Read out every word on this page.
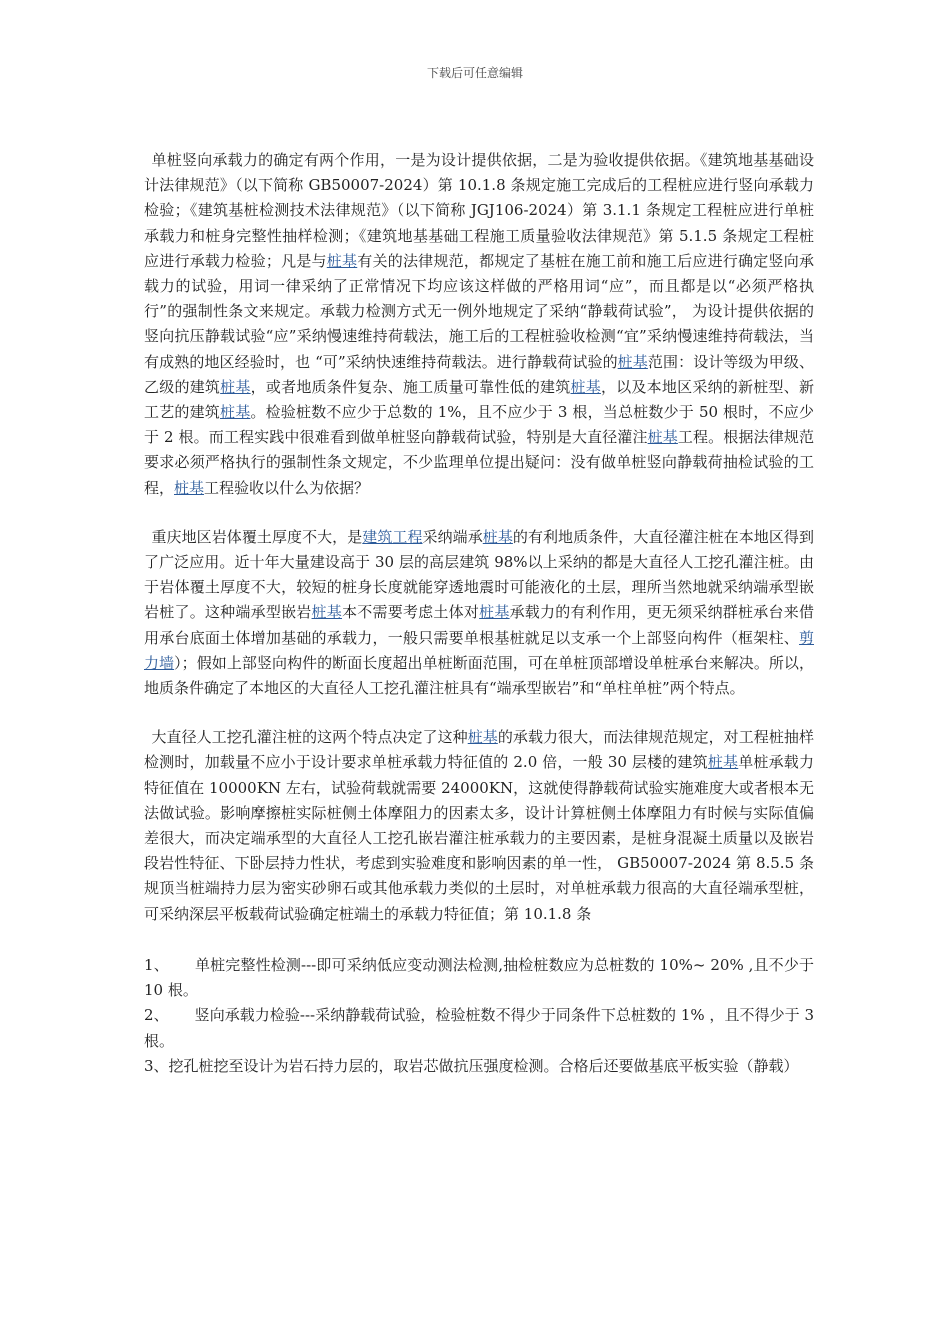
下载后可任意编辑

单桩竖向承载力的确定有两个作用，一是为设计提供依据，二是为验收提供依据。《建筑地基基础设计法律规范》（以下简称 GB50007-2024）第 10.1.8 条规定施工完成后的工程桩应进行竖向承载力检验；《建筑基桩检测技术法律规范》（以下简称 JGJ106-2024）第 3.1.1 条规定工程桩应进行单桩承载力和桩身完整性抽样检测；《建筑地基基础工程施工质量验收法律规范》第 5.1.5 条规定工程桩应进行承载力检验；凡是与桩基有关的法律规范，都规定了基桩在施工前和施工后应进行确定竖向承载力的试验，用词一律采纳了正常情况下均应该这样做的严格用词“应”，而且都是以“必须严格执行”的强制性条文来规定。承载力检测方式无一例外地规定了采纳“静载荷试验”， 为设计提供依据的竖向抗压静载试验“应”采纳慢速维持荷载法，施工后的工程桩验收检测“宜”采纳慢速维持荷载法，当有成熟的地区经验时，也 “可”采纳快速维持荷载法。进行静载荷试验的桩基范围：设计等级为甲级、乙级的建筑桩基，或者地质条件复杂、施工质量可靠性低的建筑桩基，以及本地区采纳的新桩型、新工艺的建筑桩基。检验桩数不应少于总数的 1%，且不应少于 3 根，当总桩数少于 50 根时，不应少于 2 根。而工程实践中很难看到做单桩竖向静载荷试验，特别是大直径灌注桩基工程。根据法律规范要求必须严格执行的强制性条文规定，不少监理单位提出疑问：没有做单桩竖向静载荷抽检试验的工程，桩基工程验收以什么为依据？

重庆地区岩体覆土厚度不大，是建筑工程采纳端承桩基的有利地质条件，大直径灌注桩在本地区得到了广泛应用。近十年大量建设高于 30 层的高层建筑 98%以上采纳的都是大直径人工挖孔灌注桩。由于岩体覆土厚度不大，较短的桩身长度就能穿透地震时可能液化的土层，理所当然地就采纳端承型嵌岩桩了。这种端承型嵌岩桩基本不需要考虑土体对桩基承载力的有利作用，更无须采纳群桩承台来借用承台底面土体增加基础的承载力，一般只需要单根基桩就足以支承一个上部竖向构件（框架柱、剪力墙）；假如上部竖向构件的断面长度超出单桩断面范围，可在单桩顶部增设单桩承台来解决。所以，地质条件确定了本地区的大直径人工挖孔灌注桩具有“端承型嵌岩”和“单柱单桩”两个特点。

大直径人工挖孔灌注桩的这两个特点决定了这种桩基的承载力很大，而法律规范规定，对工程桩抽样检测时，加载量不应小于设计要求单桩承载力特征值的 2.0 倍，一般 30 层楼的建筑桩基单桩承载力特征值在 10000KN 左右，试验荷载就需要 24000KN，这就使得静载荷试验实施难度大或者根本无法做试验。影响摩擦桩实际桩侧土体摩阻力的因素太多，设计计算桩侧土体摩阻力有时候与实际值偏差很大，而决定端承型的大直径人工挖孔嵌岩灌注桩承载力的主要因素，是桩身混凝土质量以及嵌岩段岩性特征、下卧层持力性状，考虑到实验难度和影响因素的单一性， GB50007-2024 第 8.5.5 条规顶当桩端持力层为密实砂卵石或其他承载力类似的土层时，对单桩承载力很高的大直径端承型桩，可采纳深层平板载荷试验确定桩端土的承载力特征值；第 10.1.8 条

1、 单桩完整性检测---即可采纳低应变动测法检测,抽检桩数应为总桩数的 10%~ 20% ,且不少于 10 根。

2、 竖向承载力检验---采纳静载荷试验，检验桩数不得少于同条件下总桩数的 1% ，且不得少于 3 根。

3、挖孔桩挖至设计为岩石持力层的，取岩芯做抗压强度检测。合格后还要做基底平板实验（静载）
